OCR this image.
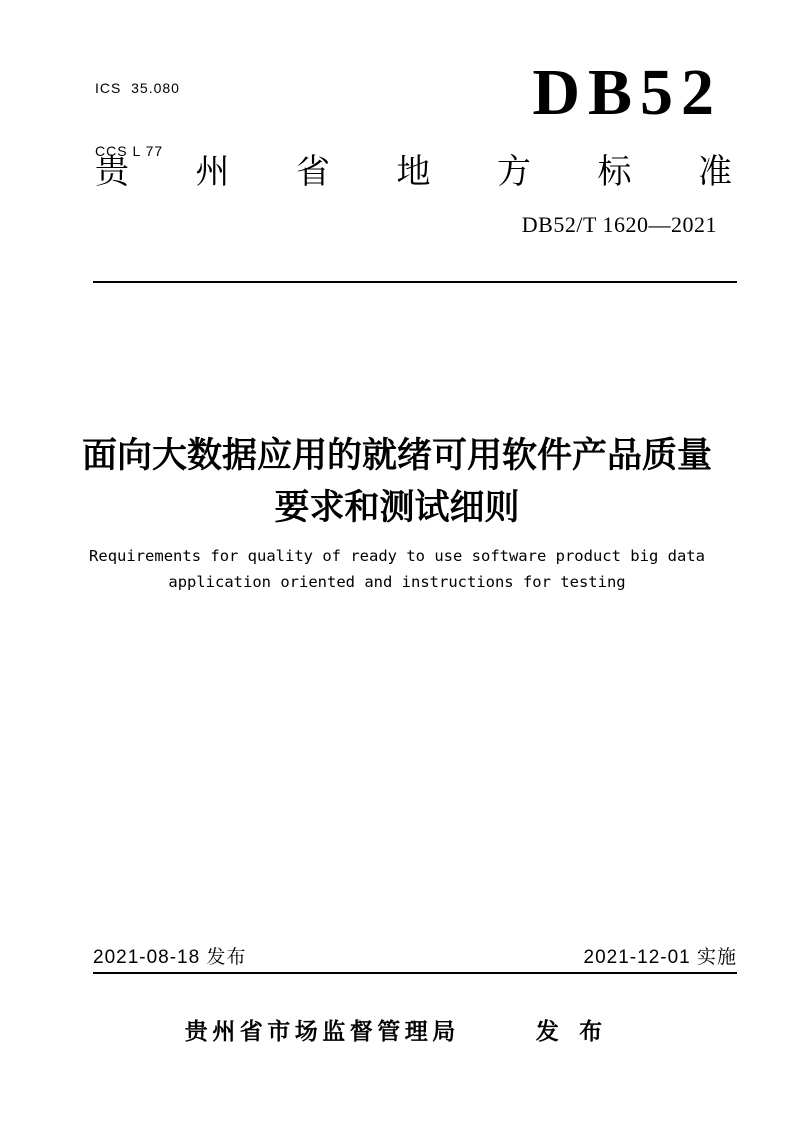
ICS  35.080

CCS L 77

DB52
贵 州 省 地 方 标 准
DB52/T 1620—2021
面向大数据应用的就绪可用软件产品质量
要求和测试细则
Requirements for quality of ready to use software product big data
application oriented and instructions for testing
2021-08-18 发布	2021-12-01 实施
贵州省市场监督管理局	发 布
